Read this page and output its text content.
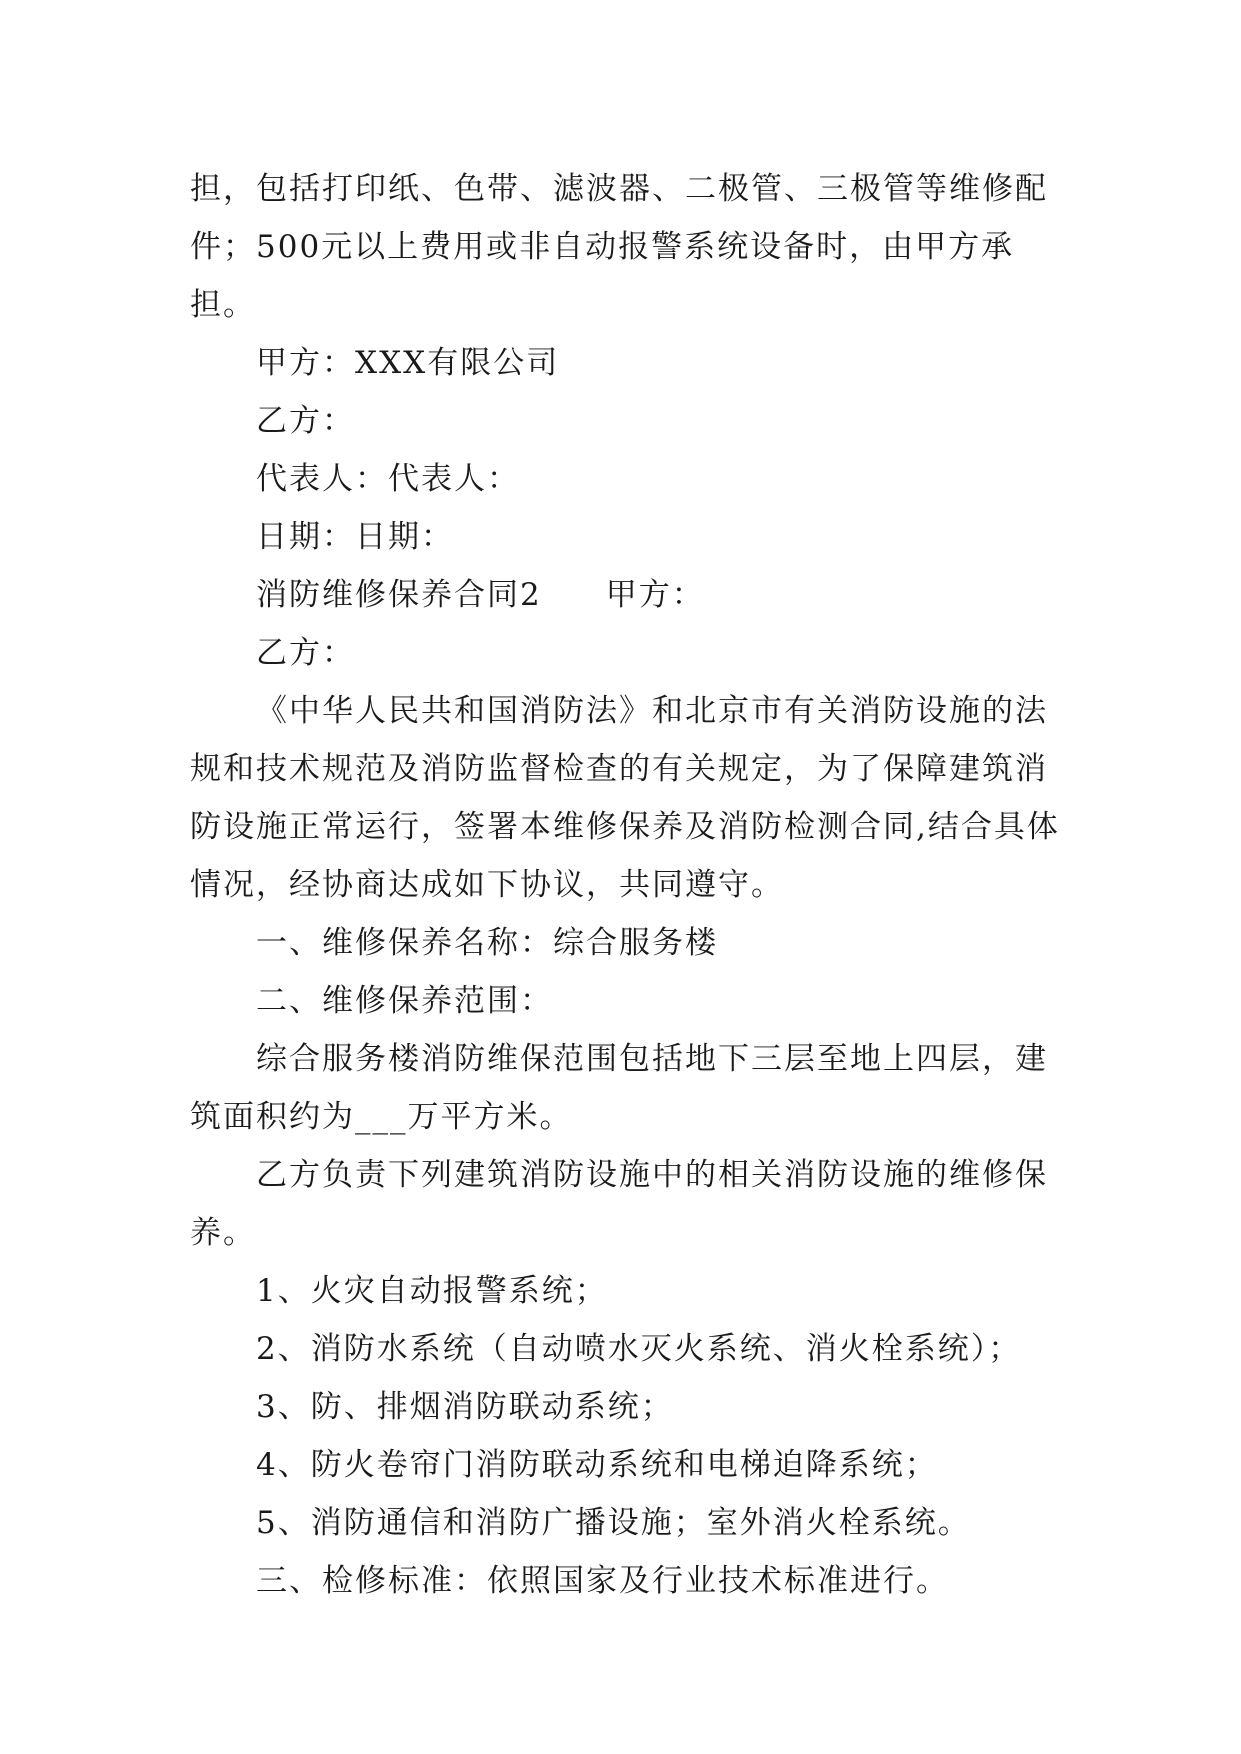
担，包括打印纸、色带、滤波器、二极管、三极管等维修配件；500元以上费用或非自动报警系统设备时，由甲方承担。

甲方：XXX有限公司

乙方：

代表人：代表人：

日期：日期：

消防维修保养合同2 甲方：

乙方：

《中华人民共和国消防法》和北京市有关消防设施的法规和技术规范及消防监督检查的有关规定，为了保障建筑消防设施正常运行，签署本维修保养及消防检测合同,结合具体情况，经协商达成如下协议，共同遵守。

一、维修保养名称：综合服务楼

二、维修保养范围：

综合服务楼消防维保范围包括地下三层至地上四层，建筑面积约为___万平方米。

乙方负责下列建筑消防设施中的相关消防设施的维修保养。

1、火灾自动报警系统；

2、消防水系统（自动喷水灭火系统、消火栓系统）；

3、防、排烟消防联动系统；

4、防火卷帘门消防联动系统和电梯迫降系统；

5、消防通信和消防广播设施；室外消火栓系统。

三、检修标准：依照国家及行业技术标准进行。
